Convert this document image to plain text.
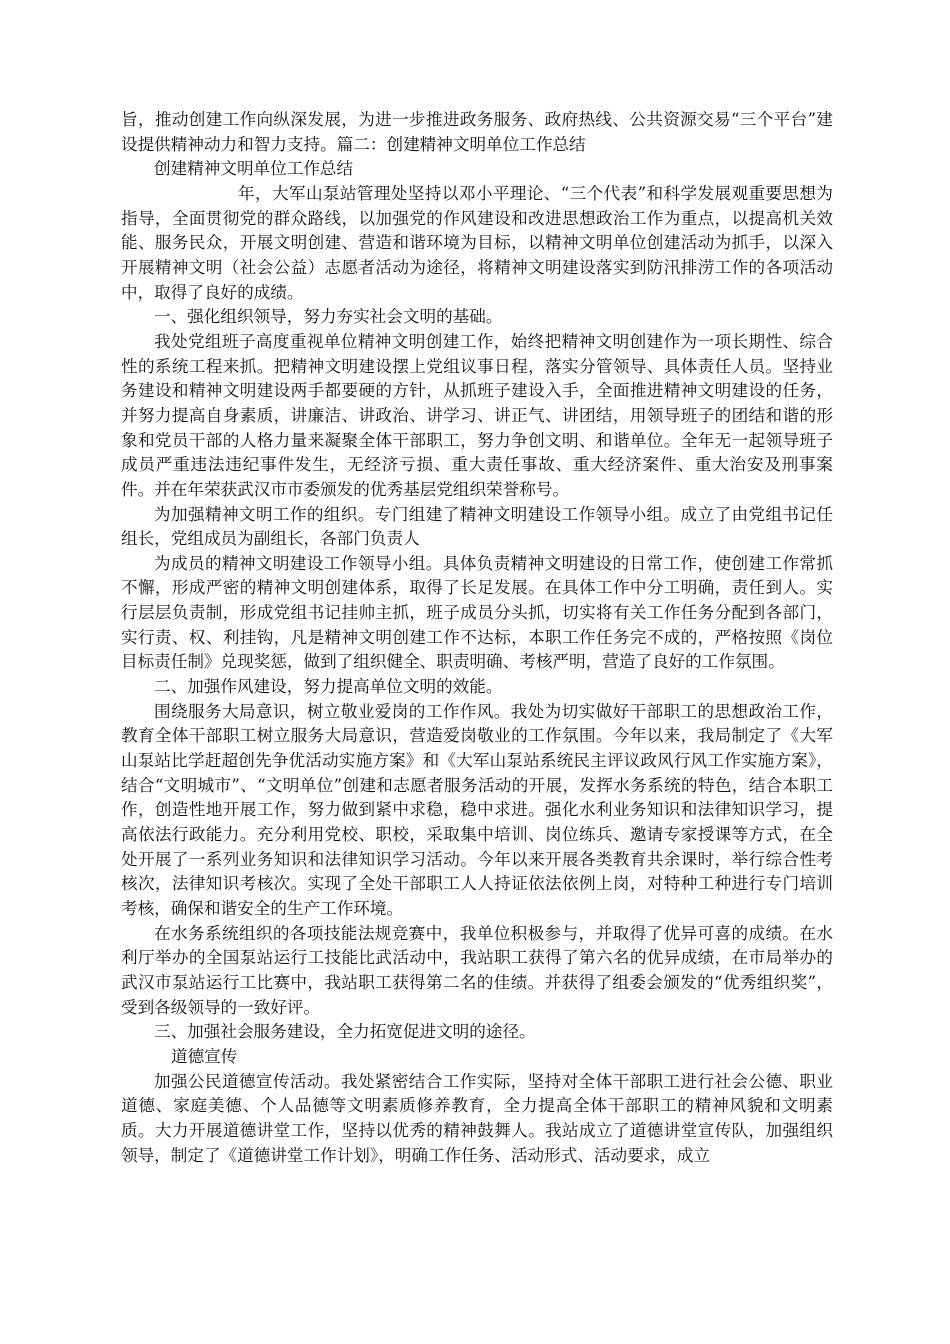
旨，推动创建工作向纵深发展，为进一步推进政务服务、政府热线、公共资源交易“三个平台”建设提供精神动力和智力支持。篇二：创建精神文明单位工作总结

创建精神文明单位工作总结

年，大军山泵站管理处坚持以邓小平理论、“三个代表”和科学发展观重要思想为指导，全面贯彻党的群众路线，以加强党的作风建设和改进思想政治工作为重点，以提高机关效能、服务民众，开展文明创建、营造和谐环境为目标，以精神文明单位创建活动为抓手，以深入开展精神文明（社会公益）志愿者活动为途径，将精神文明建设落实到防汛排涝工作的各项活动中，取得了良好的成绩。

一、强化组织领导，努力夯实社会文明的基础。

我处党组班子高度重视单位精神文明创建工作，始终把精神文明创建作为一项长期性、综合性的系统工程来抓。把精神文明建设摆上党组议事日程，落实分管领导、具体责任人员。坚持业务建设和精神文明建设两手都要硬的方针，从抓班子建设入手，全面推进精神文明建设的任务，并努力提高自身素质，讲廉洁、讲政治、讲学习、讲正气、讲团结，用领导班子的团结和谐的形象和党员干部的人格力量来凝聚全体干部职工，努力争创文明、和谐单位。全年无一起领导班子成员严重违法违纪事件发生，无经济亏损、重大责任事故、重大经济案件、重大治安及刑事案件。并在年荣获武汉市市委颁发的优秀基层党组织荣誉称号。

为加强精神文明工作的组织。专门组建了精神文明建设工作领导小组。成立了由党组书记任组长，党组成员为副组长，各部门负责人

为成员的精神文明建设工作领导小组。具体负责精神文明建设的日常工作，使创建工作常抓不懈，形成严密的精神文明创建体系，取得了长足发展。在具体工作中分工明确，责任到人。实行层层负责制，形成党组书记挂帅主抓，班子成员分头抓，切实将有关工作任务分配到各部门，实行责、权、利挂钩，凡是精神文明创建工作不达标，本职工作任务完不成的，严格按照《岗位目标责任制》兑现奖惩，做到了组织健全、职责明确、考核严明，营造了良好的工作氛围。

二、加强作风建设，努力提高单位文明的效能。

围绕服务大局意识，树立敬业爱岗的工作作风。我处为切实做好干部职工的思想政治工作，教育全体干部职工树立服务大局意识，营造爱岗敬业的工作氛围。今年以来，我局制定了《大军山泵站比学赶超创先争优活动实施方案》和《大军山泵站系统民主评议政风行风工作实施方案》，结合“文明城市”、“文明单位”创建和志愿者服务活动的开展，发挥水务系统的特色，结合本职工作，创造性地开展工作，努力做到紧中求稳，稳中求进。强化水利业务知识和法律知识学习，提高依法行政能力。充分利用党校、职校，采取集中培训、岗位练兵、邀请专家授课等方式，在全处开展了一系列业务知识和法律知识学习活动。今年以来开展各类教育共余课时，举行综合性考核次，法律知识考核次。实现了全处干部职工人人持证依法依例上岗，对特种工种进行专门培训考核，确保和谐安全的生产工作环境。

在水务系统组织的各项技能法规竞赛中，我单位积极参与，并取得了优异可喜的成绩。在水利厅举办的全国泵站运行工技能比武活动中，我站职工获得了第六名的优异成绩，在市局举办的武汉市泵站运行工比赛中，我站职工获得第二名的佳绩。并获得了组委会颁发的“优秀组织奖”，受到各级领导的一致好评。

三、加强社会服务建设，全力拓宽促进文明的途径。

道德宣传

加强公民道德宣传活动。我处紧密结合工作实际，坚持对全体干部职工进行社会公德、职业道德、家庭美德、个人品德等文明素质修养教育，全力提高全体干部职工的精神风貌和文明素质。大力开展道德讲堂工作，坚持以优秀的精神鼓舞人。我站成立了道德讲堂宣传队，加强组织领导，制定了《道德讲堂工作计划》，明确工作任务、活动形式、活动要求，成立
